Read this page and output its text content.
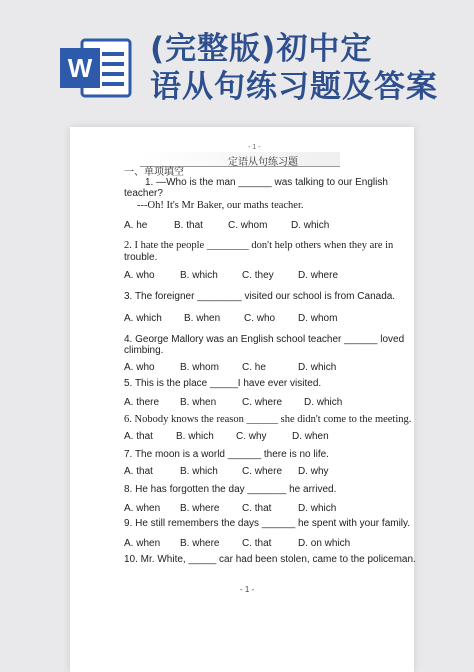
W
(完整版)初中定
语从句练习题及答案
- 1 -
定语从句练习题
一、单项填空
1. —Who is the man ______ was talking to our English
teacher?
---Oh! It's Mr Baker, our maths teacher.
A. he	B. that	C. whom D. which
2. I hate the people ________ don't help others when they are in
trouble.
A. who	B. which C. they D. where
3. The foreigner ________ visited our school is from Canada.
A. which B. when C. who D. whom
4. George Mallory was an English school teacher ______ loved
climbing.
A. who	B. whom C. he	D. which
5. This is the place _____I have ever visited.
A. there B. when	C. where D. which
6. Nobody knows the reason ______ she didn't come to the meeting.
A. that B. which C. why	D. when
7. The moon is a world ______ there is no life.
A. that	B. which C. where D. why
8. He has forgotten the day _______ he arrived.
A. when B. where C. that	D. which
9. He still remembers the days ______ he spent with your family.
A. when B. where C. that	D. on which
10. Mr. White, _____ car had been stolen, came to the policeman.
- 1 -
